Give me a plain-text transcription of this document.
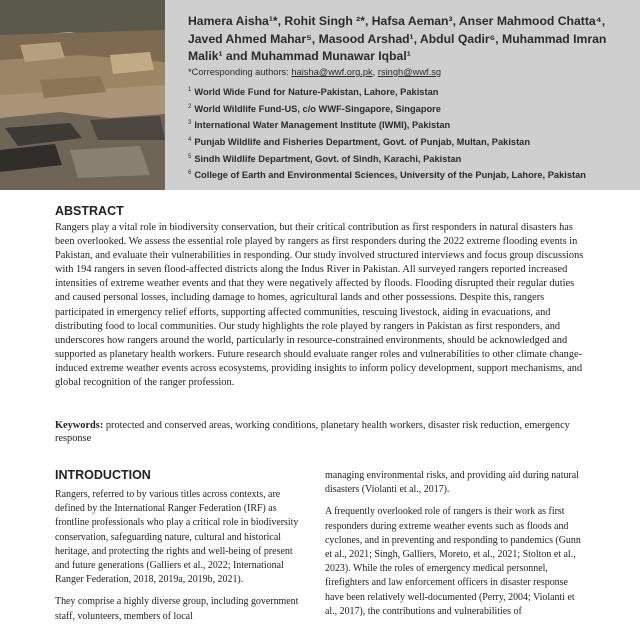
Hamera Aisha¹*, Rohit Singh ²*, Hafsa Aeman³, Anser Mahmood Chatta⁴, Javed Ahmed Mahar⁵, Masood Arshad¹, Abdul Qadir⁶, Muhammad Imran Malik¹ and Muhammad Munawar Iqbal¹
*Corresponding authors: haisha@wwf.org.pk, rsingh@wwf.sg
$^1$ World Wide Fund for Nature-Pakistan, Lahore, Pakistan
$^2$ World Wildlife Fund-US, c/o WWF-Singapore, Singapore
$^3$ International Water Management Institute (IWMI), Pakistan
$^4$ Punjab Wildlife and Fisheries Department, Govt. of Punjab, Multan, Pakistan
$^5$ Sindh Wildlife Department, Govt. of Sindh, Karachi, Pakistan
$^6$ College of Earth and Environmental Sciences, University of the Punjab, Lahore, Pakistan
ABSTRACT

Rangers play a vital role in biodiversity conservation, but their critical contribution as first responders in natural disasters has been overlooked. We assess the essential role played by rangers as first responders during the 2022 extreme flooding events in Pakistan, and evaluate their vulnerabilities in responding. Our study involved structured interviews and focus group discussions with 194 rangers in seven flood-affected districts along the Indus River in Pakistan. All surveyed rangers reported increased intensities of extreme weather events and that they were negatively affected by floods. Flooding disrupted their regular duties and caused personal losses, including damage to homes, agricultural lands and other possessions. Despite this, rangers participated in emergency relief efforts, supporting affected communities, rescuing livestock, aiding in evacuations, and distributing food to local communities. Our study highlights the role played by rangers in Pakistan as first responders, and underscores how rangers around the world, particularly in resource-constrained environments, should be acknowledged and supported as planetary health workers. Future research should evaluate ranger roles and vulnerabilities to other climate change-induced extreme weather events across ecosystems, providing insights to inform policy development, support mechanisms, and global recognition of the ranger profession.

Keywords: protected and conserved areas, working conditions, planetary health workers, disaster risk reduction, emergency response
INTRODUCTION

Rangers, referred to by various titles across contexts, are defined by the International Ranger Federation (IRF) as frontline professionals who play a critical role in biodiversity conservation, safeguarding nature, cultural and historical heritage, and protecting the rights and well-being of present and future generations (Galliers et al., 2022; International Ranger Federation, 2018, 2019a, 2019b, 2021).

They comprise a highly diverse group, including government staff, volunteers, members of local

managing environmental risks, and providing aid during natural disasters (Violanti et al., 2017).

A frequently overlooked role of rangers is their work as first responders during extreme weather events such as floods and cyclones, and in preventing and responding to pandemics (Gunn et al., 2021; Singh, Galliers, Moreto, et al., 2021; Stolton et al., 2023). While the roles of emergency medical personnel, firefighters and law enforcement officers in disaster response have been relatively well-documented (Perry, 2004; Violanti et al., 2017), the contributions and vulnerabilities of
